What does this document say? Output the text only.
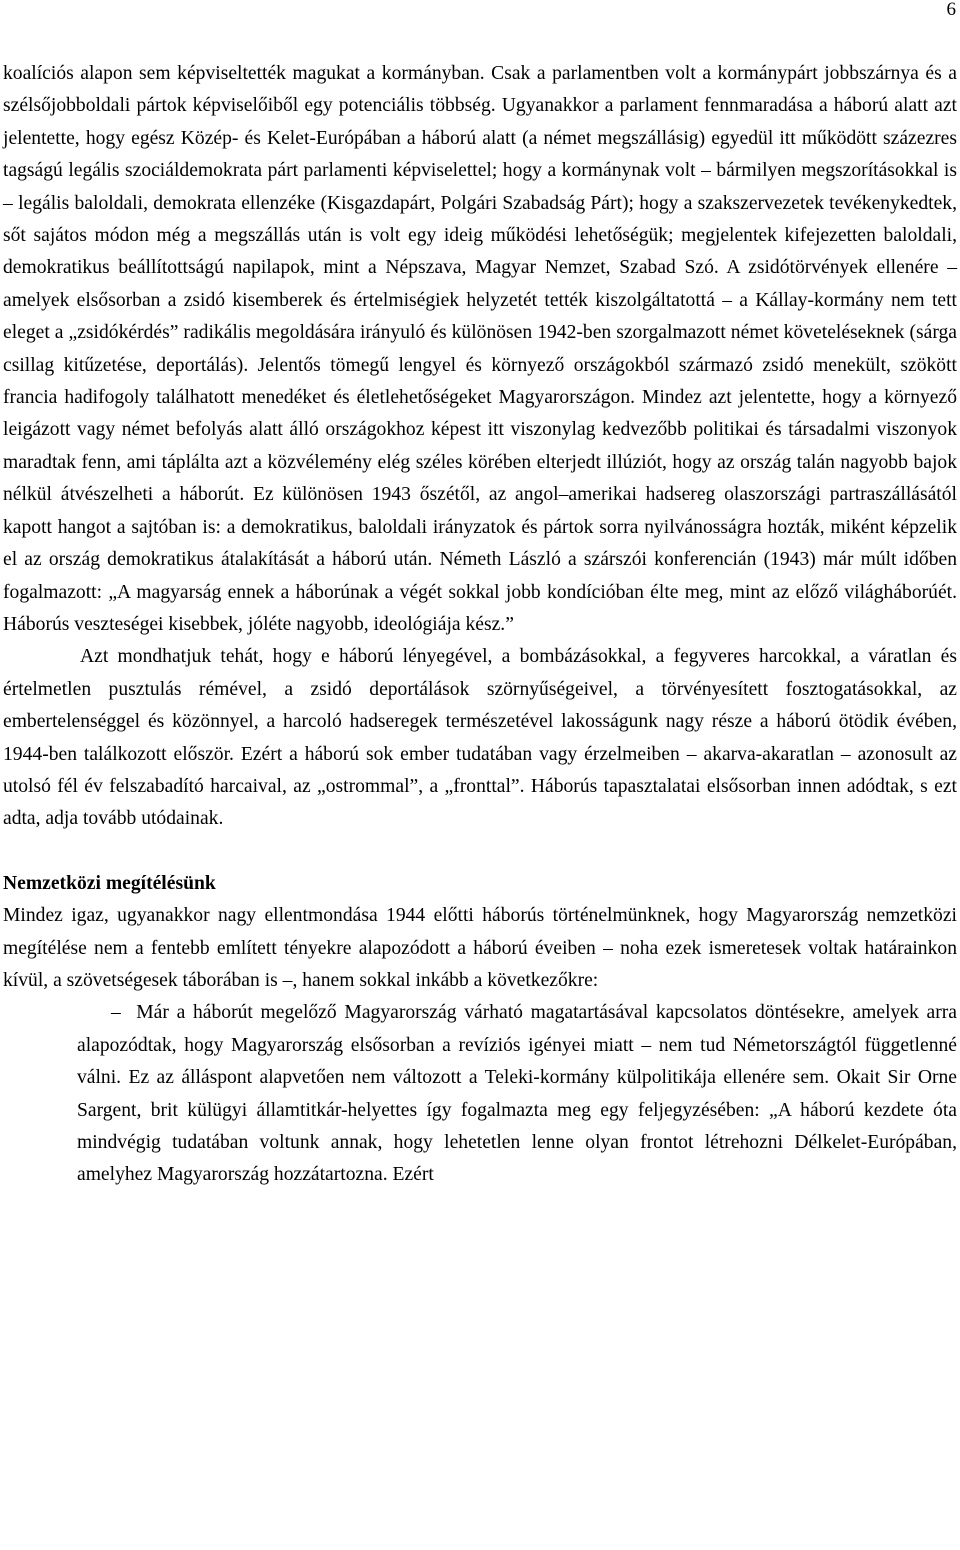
6

koalíciós alapon sem képviseltették magukat a kormányban. Csak a parlamentben volt a kormánypárt jobbszárnya és a szélsőjobboldali pártok képviselőiből egy potenciális többség. Ugyanakkor a parlament fennmaradása a háború alatt azt jelentette, hogy egész Közép- és Kelet-Európában a háború alatt (a német megszállásig) egyedül itt működött százezres tagságú legális szociáldemokrata párt parlamenti képviselettel; hogy a kormánynak volt – bármilyen megszorításokkal is – legális baloldali, demokrata ellenzéke (Kisgazdapárt, Polgári Szabadság Párt); hogy a szakszervezetek tevékenykedtek, sőt sajátos módon még a megszállás után is volt egy ideig működési lehetőségük; megjelentek kifejezetten baloldali, demokratikus beállítottságú napilapok, mint a Népszava, Magyar Nemzet, Szabad Szó. A zsidótörvények ellenére – amelyek elsősorban a zsidó kisemberek és értelmiségiek helyzetét tették kiszolgáltatottá – a Kállay-kormány nem tett eleget a „zsidókérdés” radikális megoldására irányuló és különösen 1942-ben szorgalmazott német követeléseknek (sárga csillag kitűzetése, deportálás). Jelentős tömegű lengyel és környező országokból származó zsidó menekült, szökött francia hadifogoly találhatott menedéket és életlehetőségeket Magyarországon. Mindez azt jelentette, hogy a környező leigázott vagy német befolyás alatt álló országokhoz képest itt viszonylag kedvezőbb politikai és társadalmi viszonyok maradtak fenn, ami táplálta azt a közvélemény elég széles körében elterjedt illúziót, hogy az ország talán nagyobb bajok nélkül átvészelheti a háborút. Ez különösen 1943 őszétől, az angol–amerikai hadsereg olaszországi partraszállásától kapott hangot a sajtóban is: a demokratikus, baloldali irányzatok és pártok sorra nyilvánosságra hozták, miként képzelik el az ország demokratikus átalakítását a háború után. Németh László a szárszói konferencián (1943) már múlt időben fogalmazott: „A magyarság ennek a háborúnak a végét sokkal jobb kondícióban élte meg, mint az előző világháborúét. Háborús veszteségei kisebbek, jóléte nagyobb, ideológiája kész.”

Azt mondhatjuk tehát, hogy e háború lényegével, a bombázásokkal, a fegyveres harcokkal, a váratlan és értelmetlen pusztulás rémével, a zsidó deportálások szörnyűségeivel, a törvényesített fosztogatásokkal, az embertelenséggel és közönnyel, a harcoló hadseregek természetével lakosságunk nagy része a háború ötödik évében, 1944-ben találkozott először. Ezért a háború sok ember tudatában vagy érzelmeiben – akarva-akaratlan – azonosult az utolsó fél év felszabadító harcaival, az „ostrommal”, a „fronttal”. Háborús tapasztalatai elsősorban innen adódtak, s ezt adta, adja tovább utódainak.

Nemzetközi megítélésünk

Mindez igaz, ugyanakkor nagy ellentmondása 1944 előtti háborús történelmünknek, hogy Magyarország nemzetközi megítélése nem a fentebb említett tényekre alapozódott a háború éveiben – noha ezek ismeretesek voltak határainkon kívül, a szövetségesek táborában is –, hanem sokkal inkább a következőkre:

– Már a háborút megelőző Magyarország várható magatartásával kapcsolatos döntésekre, amelyek arra alapozódtak, hogy Magyarország elsősorban a revíziós igényei miatt – nem tud Németországtól függetlenné válni. Ez az álláspont alapvetően nem változott a Teleki-kormány külpolitikája ellenére sem. Okait Sir Orne Sargent, brit külügyi államtitkár-helyettes így fogalmazta meg egy feljegyzésében: „A háború kezdete óta mindvégig tudatában voltunk annak, hogy lehetetlen lenne olyan frontot létrehozni Délkelet-Európában, amelyhez Magyarország hozzátartozna. Ezért
